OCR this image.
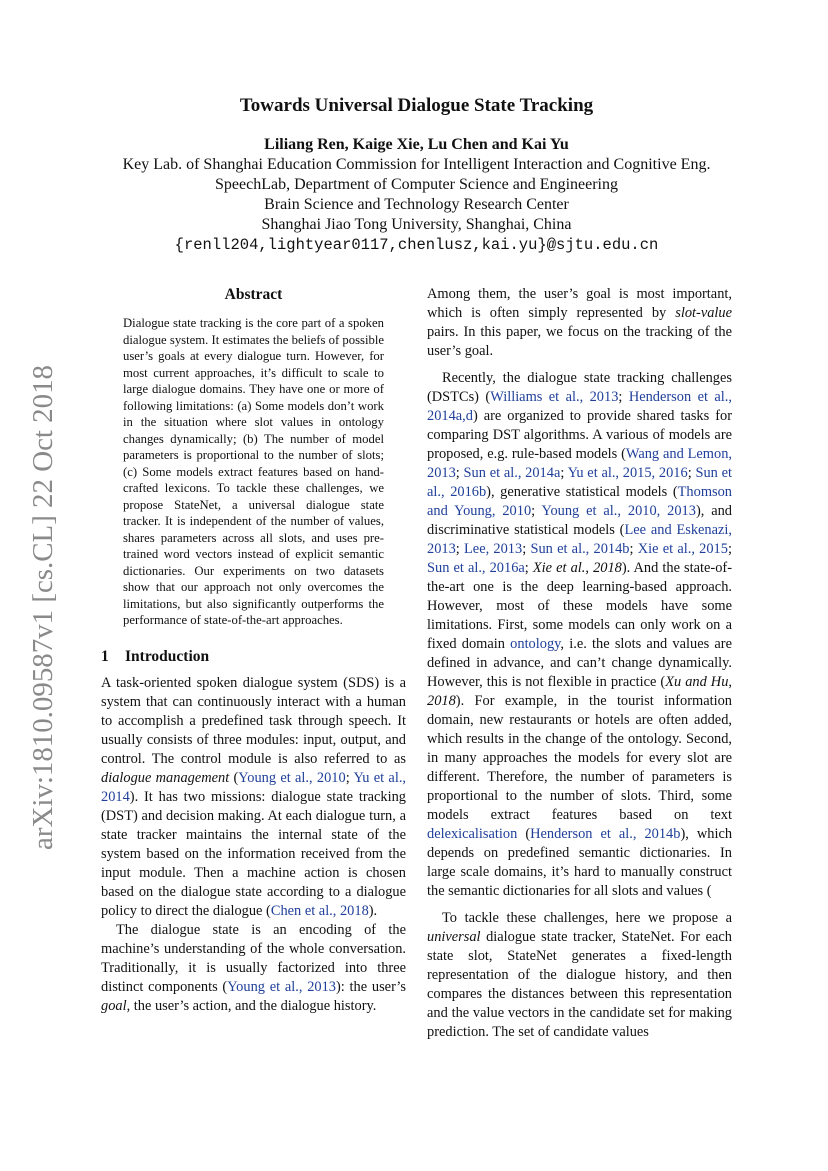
arXiv:1810.09587v1 [cs.CL] 22 Oct 2018
Towards Universal Dialogue State Tracking

Liliang Ren, Kaige Xie, Lu Chen and Kai Yu

Key Lab. of Shanghai Education Commission for Intelligent Interaction and Cognitive Eng.

SpeechLab, Department of Computer Science and Engineering

Brain Science and Technology Research Center

Shanghai Jiao Tong University, Shanghai, China

{renll204,lightyear0117,chenlusz,kai.yu}@sjtu.edu.cn

Abstract

Dialogue state tracking is the core part of a spoken dialogue system. It estimates the beliefs of possible user’s goals at every dialogue turn. However, for most current approaches, it’s difficult to scale to large dialogue domains. They have one or more of following limitations: (a) Some models don’t work in the situation where slot values in ontology changes dynamically; (b) The number of model parameters is proportional to the number of slots; (c) Some models extract features based on hand-crafted lexicons. To tackle these challenges, we propose StateNet, a universal dialogue state tracker. It is independent of the number of values, shares parameters across all slots, and uses pre-trained word vectors instead of explicit semantic dictionaries. Our experiments on two datasets show that our approach not only overcomes the limitations, but also significantly outperforms the performance of state-of-the-art approaches.

1 Introduction

A task-oriented spoken dialogue system (SDS) is a system that can continuously interact with a human to accomplish a predefined task through speech. It usually consists of three modules: input, output, and control. The control module is also referred to as dialogue management (Young et al., 2010; Yu et al., 2014). It has two missions: dialogue state tracking (DST) and decision making. At each dialogue turn, a state tracker maintains the internal state of the system based on the information received from the input module. Then a machine action is chosen based on the dialogue state according to a dialogue policy to direct the dialogue (Chen et al., 2018).

The dialogue state is an encoding of the machine’s understanding of the whole conversation. Traditionally, it is usually factorized into three distinct components (Young et al., 2013): the user’s goal, the user’s action, and the dialogue history.

Among them, the user’s goal is most important, which is often simply represented by slot-value pairs. In this paper, we focus on the tracking of the user’s goal.

Recently, the dialogue state tracking challenges (DSTCs) (Williams et al., 2013; Henderson et al., 2014a,d) are organized to provide shared tasks for comparing DST algorithms. A various of models are proposed, e.g. rule-based models (Wang and Lemon, 2013; Sun et al., 2014a; Yu et al., 2015, 2016; Sun et al., 2016b), generative statistical models (Thomson and Young, 2010; Young et al., 2010, 2013), and discriminative statistical models (Lee and Eskenazi, 2013; Lee, 2013; Sun et al., 2014b; Xie et al., 2015; Sun et al., 2016a; Xie et al., 2018). And the state-of-the-art one is the deep learning-based approach. However, most of these models have some limitations. First, some models can only work on a fixed domain ontology, i.e. the slots and values are defined in advance, and can’t change dynamically. However, this is not flexible in practice (Xu and Hu, 2018). For example, in the tourist information domain, new restaurants or hotels are often added, which results in the change of the ontology. Second, in many approaches the models for every slot are different. Therefore, the number of parameters is proportional to the number of slots. Third, some models extract features based on text delexicalisation (Henderson et al., 2014b), which depends on predefined semantic dictionaries. In large scale domains, it’s hard to manually construct the semantic dictionaries for all slots and values (

To tackle these challenges, here we propose a universal dialogue state tracker, StateNet. For each state slot, StateNet generates a fixed-length representation of the dialogue history, and then compares the distances between this representation and the value vectors in the candidate set for making prediction. The set of candidate values
